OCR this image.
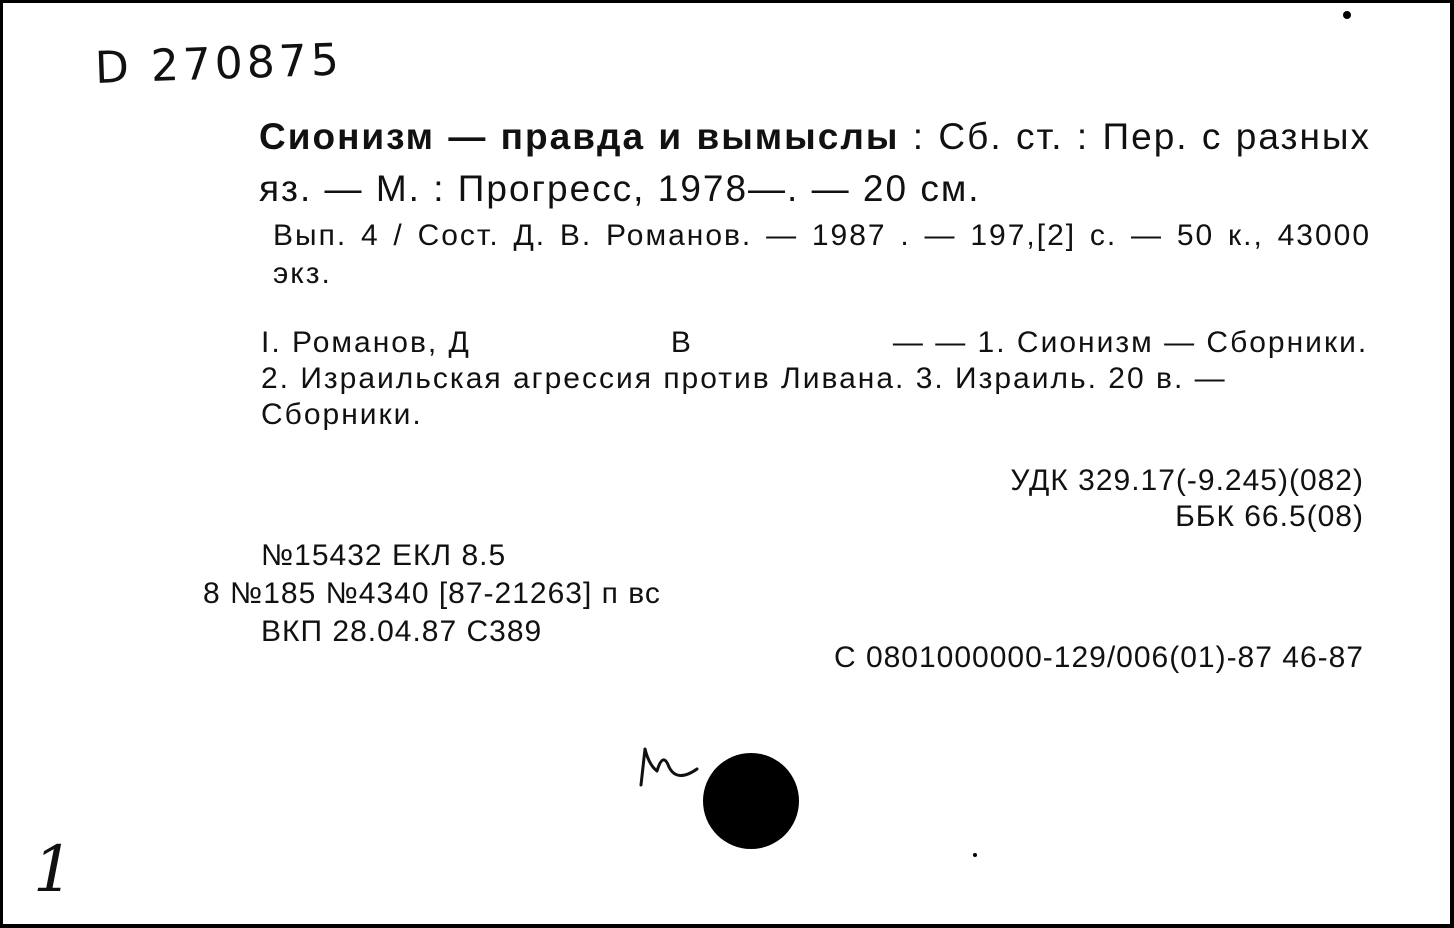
D 270875
Сионизм — правда и вымыслы : Сб. ст. : Пер. с разных яз. — М. : Прогресс, 1978—. — 20 см.
Вып. 4 / Сост. Д. В. Романов. — 1987 . — 197,[2] с. — 50 к., 43000 экз.
I. Романов, Д	В	— — 1. Сионизм — Сборники. 2. Израильская агрессия против Ливана. 3. Израиль. 20 в. — Сборники.
УДК 329.17(-9.245)(082)
ББК 66.5(08)
№15432 ЕКЛ 8.5
8 №185 №4340 [87-21263] п вс
ВКП 28.04.87 С389
С 0801000000-129/006(01)-87 46-87
1
